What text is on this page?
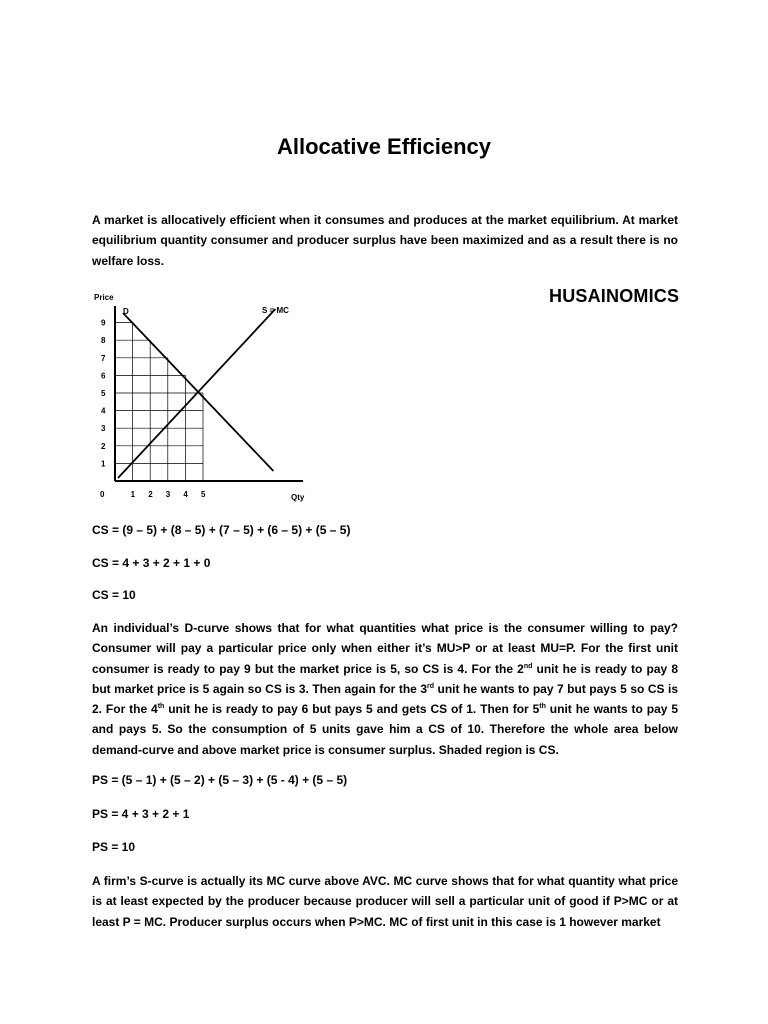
Allocative Efficiency

A market is allocatively efficient when it consumes and produces at the market equilibrium. At market equilibrium quantity consumer and producer surplus have been maximized and as a result there is no welfare loss.

HUSAINOMICS
Price
Qty
0
D	S = MC
1
2
3
4
5
6
7
8
9
1 2 3 4 5

CS = (9 – 5) + (8 – 5) + (7 – 5) + (6 – 5) + (5 – 5)

CS = 4 + 3 + 2 + 1 + 0

CS = 10

An individual’s D-curve shows that for what quantities what price is the consumer willing to pay? Consumer will pay a particular price only when either it’s MU>P or at least MU=P. For the first unit consumer is ready to pay 9 but the market price is 5, so CS is 4. For the 2nd unit he is ready to pay 8 but market price is 5 again so CS is 3. Then again for the 3rd unit he wants to pay 7 but pays 5 so CS is 2. For the 4th unit he is ready to pay 6 but pays 5 and gets CS of 1. Then for 5th unit he wants to pay 5 and pays 5. So the consumption of 5 units gave him a CS of 10. Therefore the whole area below demand-curve and above market price is consumer surplus. Shaded region is CS.

PS = (5 – 1) + (5 – 2) + (5 – 3) + (5 - 4) + (5 – 5)

PS = 4 + 3 + 2 + 1

PS = 10

A firm’s S-curve is actually its MC curve above AVC. MC curve shows that for what quantity what price is at least expected by the producer because producer will sell a particular unit of good if P>MC or at least P = MC. Producer surplus occurs when P>MC. MC of first unit in this case is 1 however market
